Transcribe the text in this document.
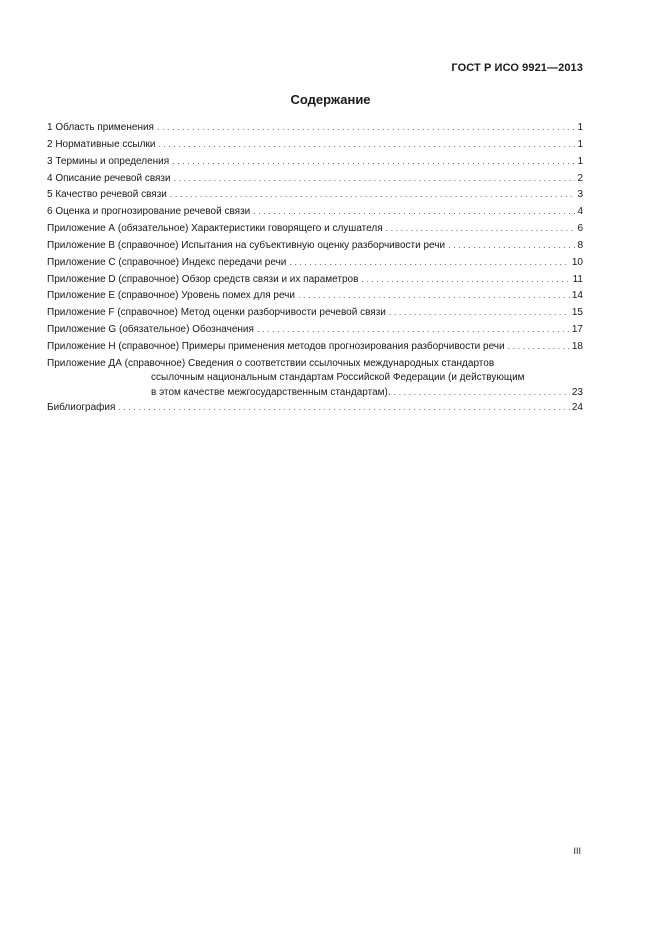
ГОСТ Р ИСО 9921—2013
Содержание
1 Область применения . . .	1
2 Нормативные ссылки . . .	1
3 Термины и определения . . .	1
4 Описание речевой связи . . .	2
5 Качество речевой связи . . .	3
6 Оценка и прогнозирование речевой связи . . .	4
Приложение А (обязательное) Характеристики говорящего и слушателя . . .	6
Приложение В (справочное) Испытания на субъективную оценку разборчивости речи . . .	8
Приложение С (справочное) Индекс передачи речи . . .	10
Приложение D (справочное) Обзор средств связи и их параметров . . .	11
Приложение Е (справочное) Уровень помех для речи . . .	14
Приложение F (справочное) Метод оценки разборчивости речевой связи . . .	15
Приложение G (обязательное) Обозначения . . .	17
Приложение Н (справочное) Примеры применения методов прогнозирования разборчивости речи . . .	18
Приложение ДА (справочное) Сведения о соответствии ссылочных международных стандартов
ссылочным национальным стандартам Российской Федерации (и действующим
в этом качестве межгосударственным стандартам). . . .	23
Библиография . . .	24
III
